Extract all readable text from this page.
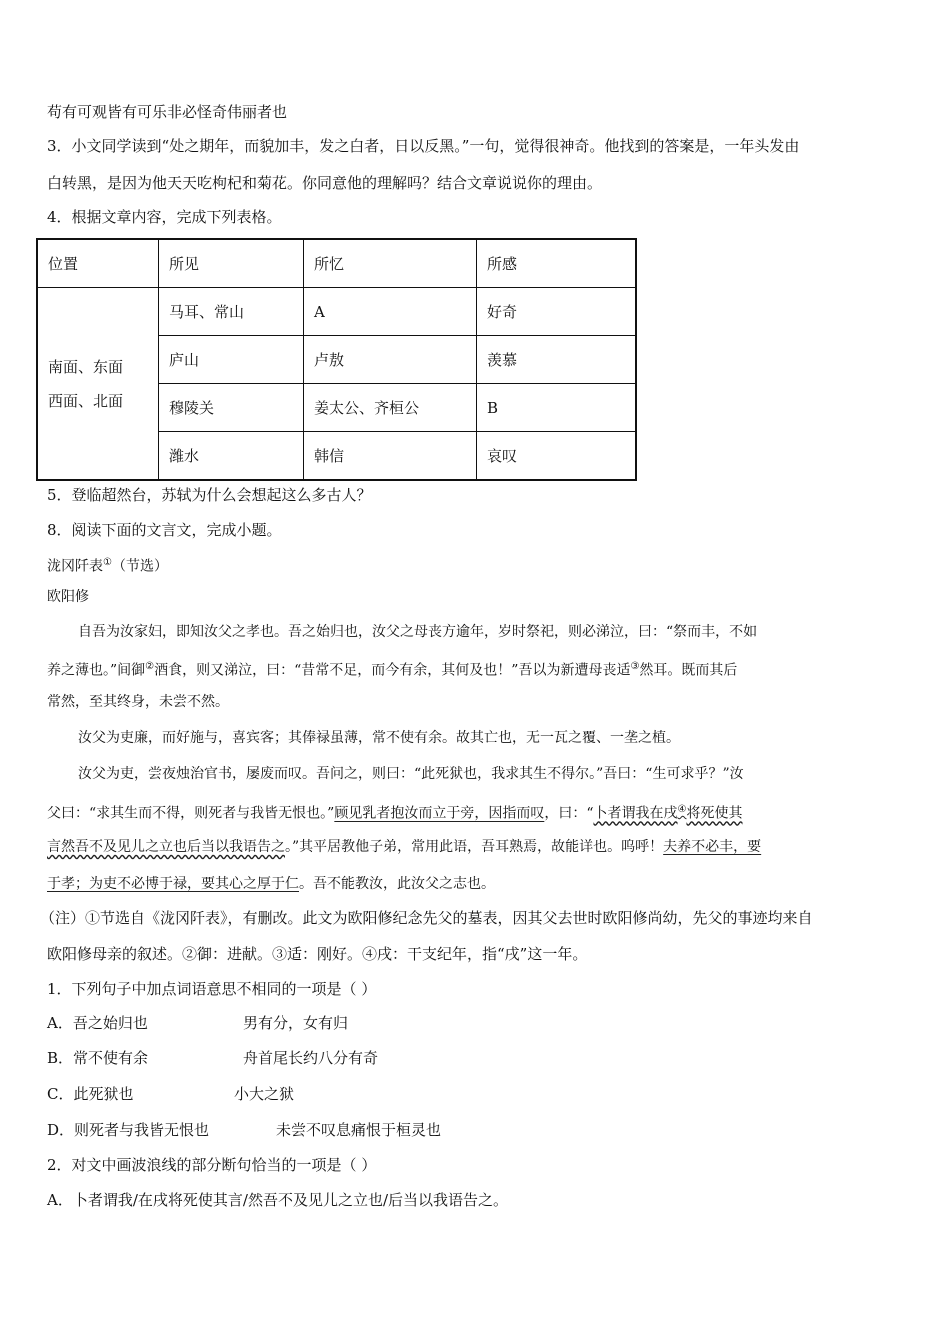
苟有可观皆有可乐非必怪奇伟丽者也
3．小文同学读到“处之期年，而貌加丰，发之白者，日以反黑。”一句，觉得很神奇。他找到的答案是，一年头发由
白转黑，是因为他天天吃枸杞和菊花。你同意他的理解吗？结合文章说说你的理由。
4．根据文章内容，完成下列表格。
位置	所见	所忆	所感

南面、东面
西面、北面	马耳、常山	A	好奇
	庐山	卢敖	羡慕
	穆陵关	姜太公、齐桓公	B
	潍水	韩信	哀叹
5．登临超然台，苏轼为什么会想起这么多古人？
8．阅读下面的文言文，完成小题。
泷冈阡表①（节选）
欧阳修
自吾为汝家妇，即知汝父之孝也。吾之始归也，汝父之母丧方逾年，岁时祭祀，则必涕泣，曰：“祭而丰，不如
养之薄也。”间御②酒食，则又涕泣，曰：“昔常不足，而今有余，其何及也！”吾以为新遭母丧适③然耳。既而其后
常然，至其终身，未尝不然。
汝父为吏廉，而好施与，喜宾客；其俸禄虽薄，常不使有余。故其亡也，无一瓦之覆、一垄之植。
汝父为吏，尝夜烛治官书，屡废而叹。吾问之，则曰：“此死狱也，我求其生不得尔。”吾曰：“生可求乎？”汝
父曰：“求其生而不得，则死者与我皆无恨也。”顾见乳者抱汝而立于旁，因指而叹，曰：“卜者谓我在戌④将死使其
言然吾不及见儿之立也后当以我语告之。”其平居教他子弟，常用此语，吾耳熟焉，故能详也。呜呼！夫养不必丰，要
于孝；为吏不必博于禄，要其心之厚于仁。吾不能教汝，此汝父之志也。
（注）①节选自《泷冈阡表》，有删改。此文为欧阳修纪念先父的墓表，因其父去世时欧阳修尚幼，先父的事迹均来自
欧阳修母亲的叙述。②御：进献。③适：刚好。④戌：干支纪年，指“戌”这一年。
1．下列句子中加点词语意思不相同的一项是（ ）
A．吾之始归也	男有分，女有归
B．常不使有余	舟首尾长约八分有奇
C．此死狱也	小大之狱
D．则死者与我皆无恨也	未尝不叹息痛恨于桓灵也
2．对文中画波浪线的部分断句恰当的一项是（ ）
A．卜者谓我/在戌将死使其言/然吾不及见儿之立也/后当以我语告之。
